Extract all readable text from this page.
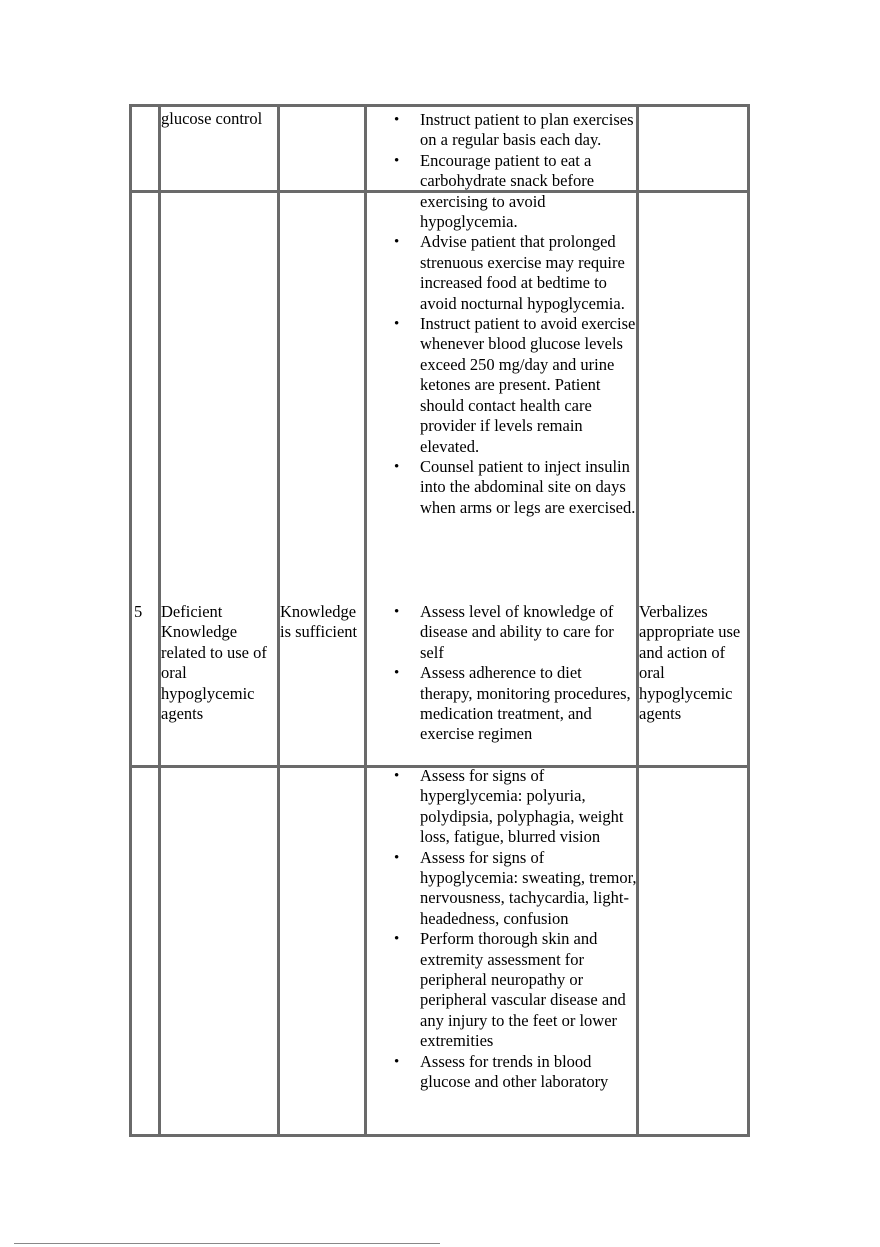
glucose control
•	Instruct patient to plan exercises on a regular basis each day.
• Encourage patient to eat a carbohydrate snack before exercising to avoid hypoglycemia.
• Advise patient that prolonged strenuous exercise may require increased food at bedtime to avoid nocturnal hypoglycemia.
• Instruct patient to avoid exercise whenever blood glucose levels exceed 250 mg/day and urine ketones are present. Patient should contact health care provider if levels remain elevated.
• Counsel patient to inject insulin into the abdominal site on days when arms or legs are exercised.
5	Deficient Knowledge related to use of oral hypoglycemic agents
Knowledge is sufficient
• Assess level of knowledge of disease and ability to care for self
• Assess adherence to diet therapy, monitoring procedures, medication treatment, and exercise regimen
Verbalizes appropriate use and action of oral hypoglycemic agents
• Assess for signs of hyperglycemia: polyuria, polydipsia, polyphagia, weight loss, fatigue, blurred vision
• Assess for signs of hypoglycemia: sweating, tremor, nervousness, tachycardia, light-headedness, confusion
• Perform thorough skin and extremity assessment for peripheral neuropathy or peripheral vascular disease and any injury to the feet or lower extremities
• Assess for trends in blood glucose and other laboratory
